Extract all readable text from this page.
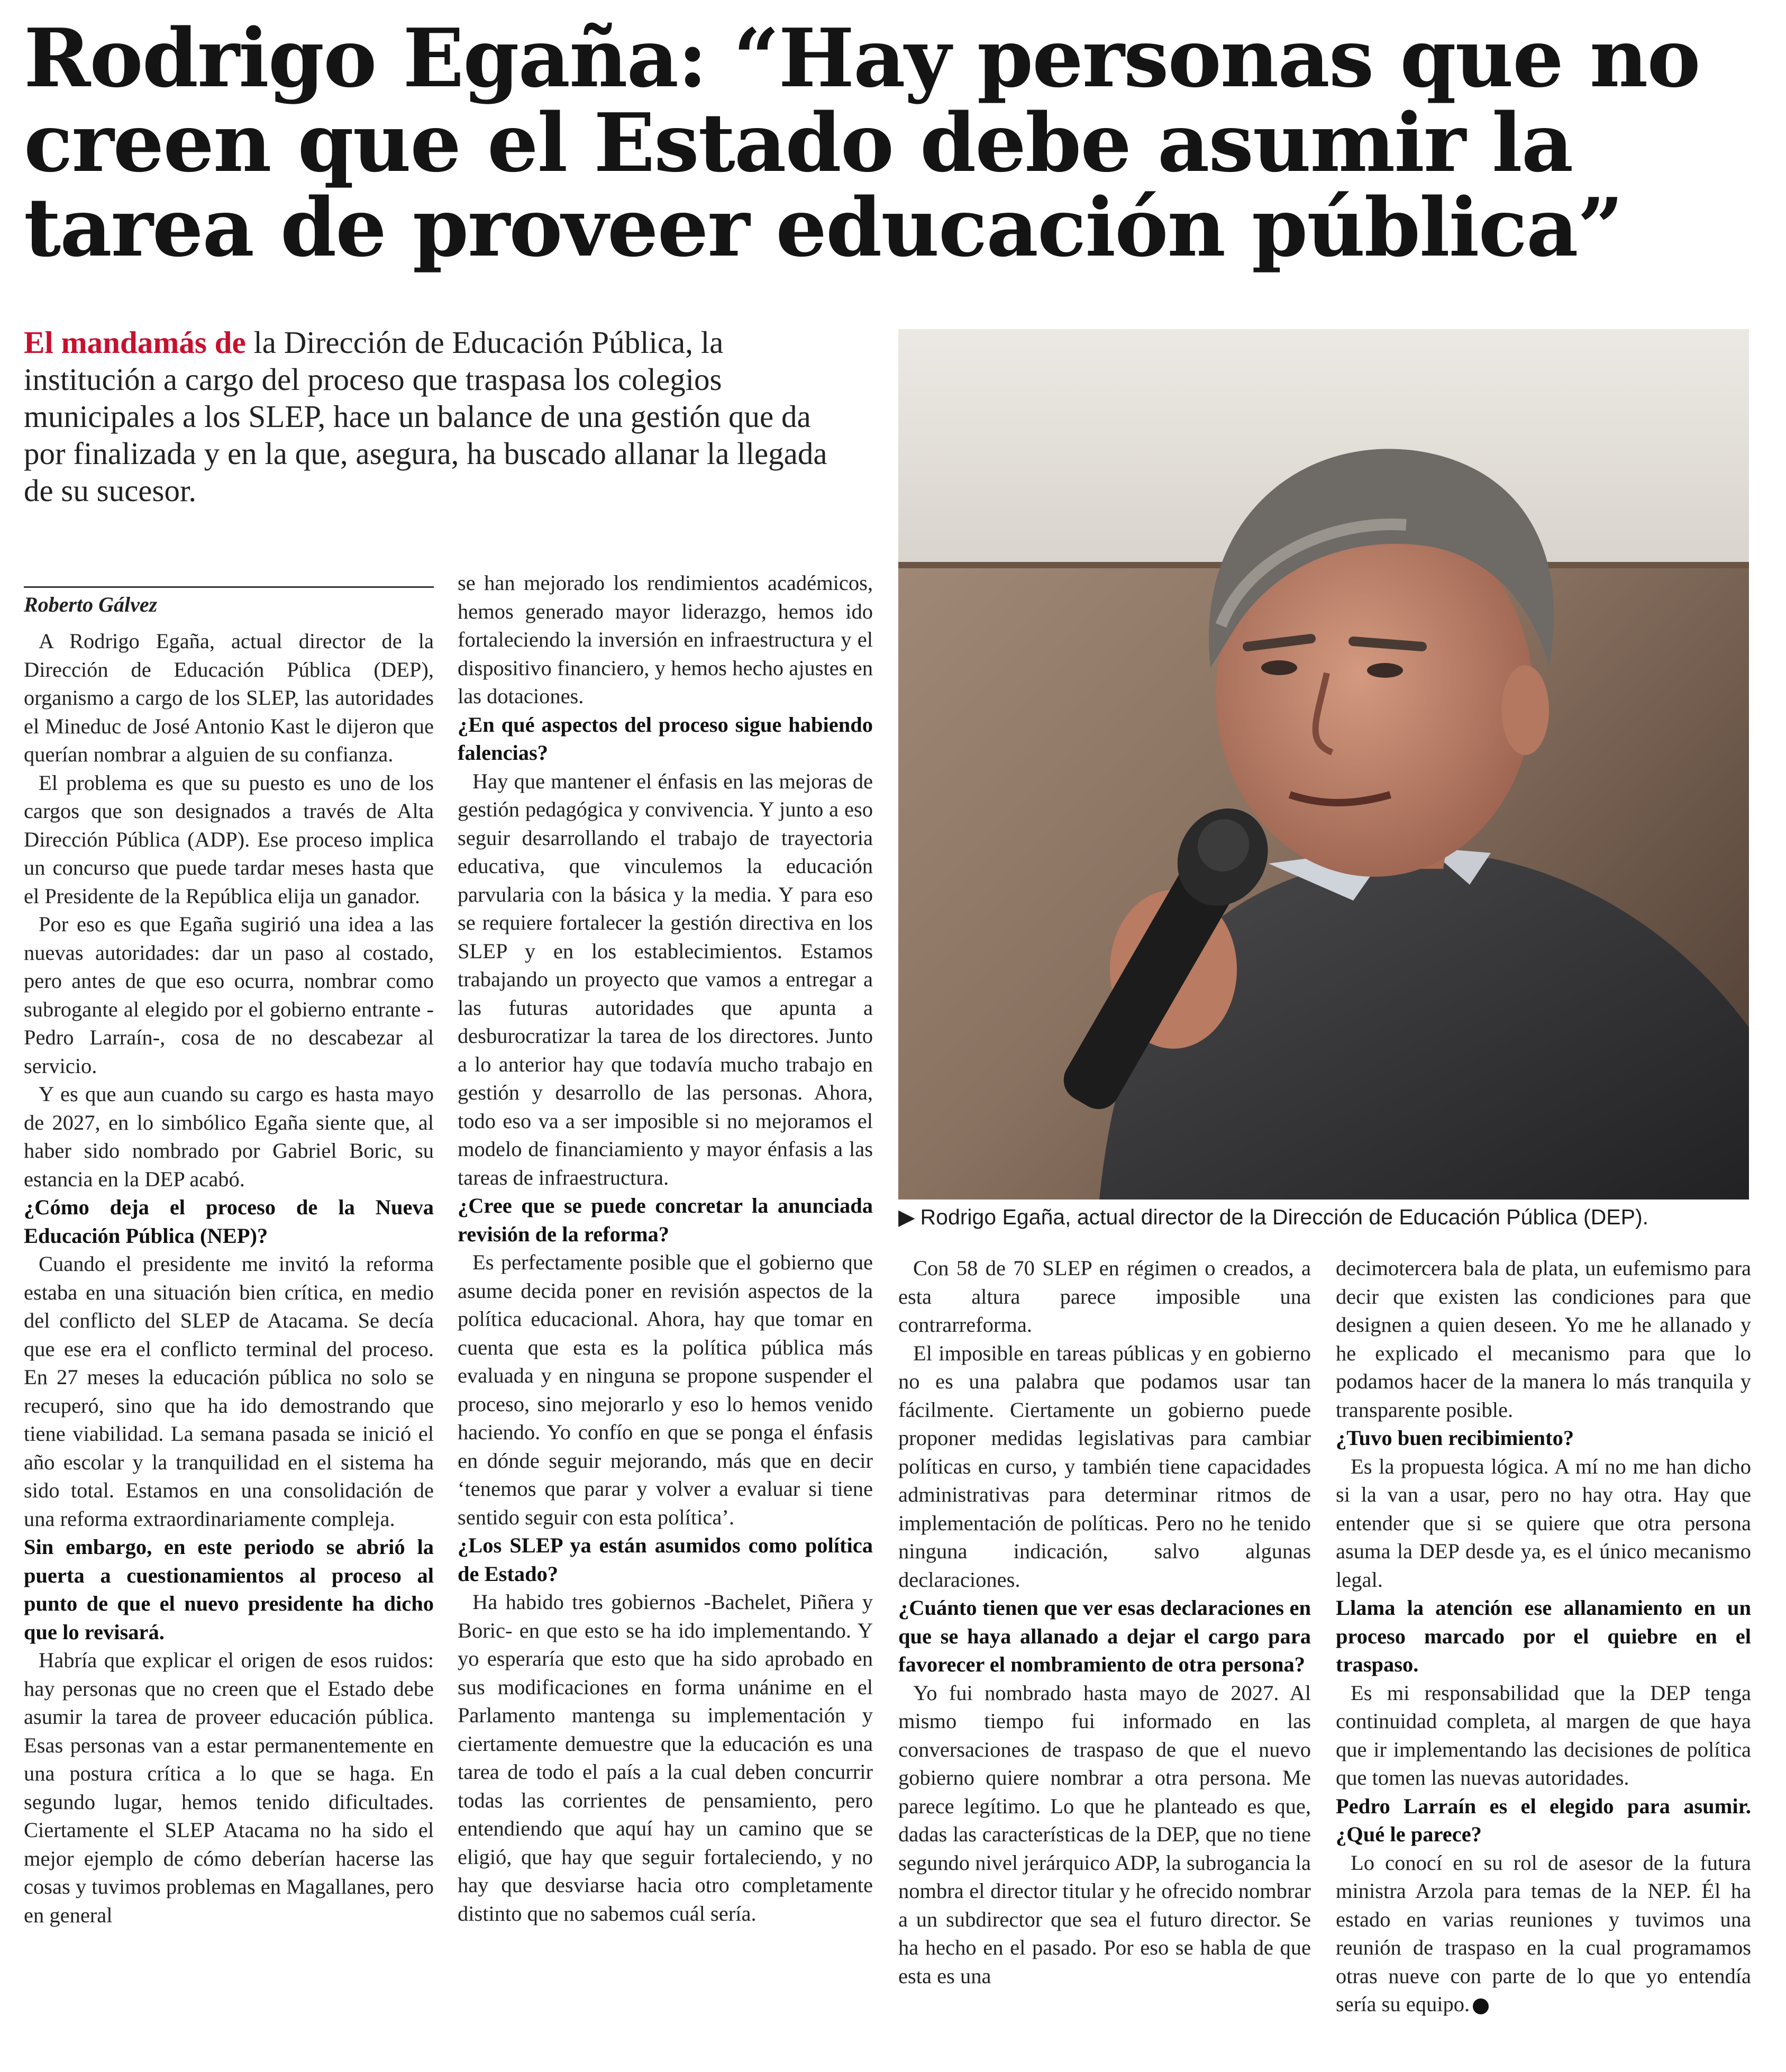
Rodrigo Egaña: “Hay personas que no creen que el Estado debe asumir la tarea de proveer educación pública”

El mandamás de la Dirección de Educación Pública, la institución a cargo del proceso que traspasa los colegios municipales a los SLEP, hace un balance de una gestión que da por finalizada y en la que, asegura, ha buscado allanar la llegada de su sucesor.

▶ Rodrigo Egaña, actual director de la Dirección de Educación Pública (DEP).

Roberto Gálvez

A Rodrigo Egaña, actual director de la Dirección de Educación Pública (DEP), organismo a cargo de los SLEP, las autoridades el Mineduc de José Antonio Kast le dijeron que querían nombrar a alguien de su confianza.

El problema es que su puesto es uno de los cargos que son designados a través de Alta Dirección Pública (ADP). Ese proceso implica un concurso que puede tardar meses hasta que el Presidente de la República elija un ganador.

Por eso es que Egaña sugirió una idea a las nuevas autoridades: dar un paso al costado, pero antes de que eso ocurra, nombrar como subrogante al elegido por el gobierno entrante -Pedro Larraín-, cosa de no descabezar al servicio.

Y es que aun cuando su cargo es hasta mayo de 2027, en lo simbólico Egaña siente que, al haber sido nombrado por Gabriel Boric, su estancia en la DEP acabó.

¿Cómo deja el proceso de la Nueva Educación Pública (NEP)?

Cuando el presidente me invitó la reforma estaba en una situación bien crítica, en medio del conflicto del SLEP de Atacama. Se decía que ese era el conflicto terminal del proceso. En 27 meses la educación pública no solo se recuperó, sino que ha ido demostrando que tiene viabilidad. La semana pasada se inició el año escolar y la tranquilidad en el sistema ha sido total. Estamos en una consolidación de una reforma extraordinariamente compleja.

Sin embargo, en este periodo se abrió la puerta a cuestionamientos al proceso al punto de que el nuevo presidente ha dicho que lo revisará.

Habría que explicar el origen de esos ruidos: hay personas que no creen que el Estado debe asumir la tarea de proveer educación pública. Esas personas van a estar permanentemente en una postura crítica a lo que se haga. En segundo lugar, hemos tenido dificultades. Ciertamente el SLEP Atacama no ha sido el mejor ejemplo de cómo deberían hacerse las cosas y tuvimos problemas en Magallanes, pero en general

se han mejorado los rendimientos académicos, hemos generado mayor liderazgo, hemos ido fortaleciendo la inversión en infraestructura y el dispositivo financiero, y hemos hecho ajustes en las dotaciones.

¿En qué aspectos del proceso sigue habiendo falencias?

Hay que mantener el énfasis en las mejoras de gestión pedagógica y convivencia. Y junto a eso seguir desarrollando el trabajo de trayectoria educativa, que vinculemos la educación parvularia con la básica y la media. Y para eso se requiere fortalecer la gestión directiva en los SLEP y en los establecimientos. Estamos trabajando un proyecto que vamos a entregar a las futuras autoridades que apunta a desburocratizar la tarea de los directores. Junto a lo anterior hay que todavía mucho trabajo en gestión y desarrollo de las personas. Ahora, todo eso va a ser imposible si no mejoramos el modelo de financiamiento y mayor énfasis a las tareas de infraestructura.

¿Cree que se puede concretar la anunciada revisión de la reforma?

Es perfectamente posible que el gobierno que asume decida poner en revisión aspectos de la política educacional. Ahora, hay que tomar en cuenta que esta es la política pública más evaluada y en ninguna se propone suspender el proceso, sino mejorarlo y eso lo hemos venido haciendo. Yo confío en que se ponga el énfasis en dónde seguir mejorando, más que en decir ‘tenemos que parar y volver a evaluar si tiene sentido seguir con esta política’.

¿Los SLEP ya están asumidos como política de Estado?

Ha habido tres gobiernos -Bachelet, Piñera y Boric- en que esto se ha ido implementando. Y yo esperaría que esto que ha sido aprobado en sus modificaciones en forma unánime en el Parlamento mantenga su implementación y ciertamente demuestre que la educación es una tarea de todo el país a la cual deben concurrir todas las corrientes de pensamiento, pero entendiendo que aquí hay un camino que se eligió, que hay que seguir fortaleciendo, y no hay que desviarse hacia otro completamente distinto que no sabemos cuál sería.

Con 58 de 70 SLEP en régimen o creados, a esta altura parece imposible una contrarreforma.

El imposible en tareas públicas y en gobierno no es una palabra que podamos usar tan fácilmente. Ciertamente un gobierno puede proponer medidas legislativas para cambiar políticas en curso, y también tiene capacidades administrativas para determinar ritmos de implementación de políticas. Pero no he tenido ninguna indicación, salvo algunas declaraciones.

¿Cuánto tienen que ver esas declaraciones en que se haya allanado a dejar el cargo para favorecer el nombramiento de otra persona?

Yo fui nombrado hasta mayo de 2027. Al mismo tiempo fui informado en las conversaciones de traspaso de que el nuevo gobierno quiere nombrar a otra persona. Me parece legítimo. Lo que he planteado es que, dadas las características de la DEP, que no tiene segundo nivel jerárquico ADP, la subrogancia la nombra el director titular y he ofrecido nombrar a un subdirector que sea el futuro director. Se ha hecho en el pasado. Por eso se habla de que esta es una

decimotercera bala de plata, un eufemismo para decir que existen las condiciones para que designen a quien deseen. Yo me he allanado y he explicado el mecanismo para que lo podamos hacer de la manera lo más tranquila y transparente posible.

¿Tuvo buen recibimiento?

Es la propuesta lógica. A mí no me han dicho si la van a usar, pero no hay otra. Hay que entender que si se quiere que otra persona asuma la DEP desde ya, es el único mecanismo legal.

Llama la atención ese allanamiento en un proceso marcado por el quiebre en el traspaso.

Es mi responsabilidad que la DEP tenga continuidad completa, al margen de que haya que ir implementando las decisiones de política que tomen las nuevas autoridades.

Pedro Larraín es el elegido para asumir. ¿Qué le parece?

Lo conocí en su rol de asesor de la futura ministra Arzola para temas de la NEP. Él ha estado en varias reuniones y tuvimos una reunión de traspaso en la cual programamos otras nueve con parte de lo que yo entendía sería su equipo.
